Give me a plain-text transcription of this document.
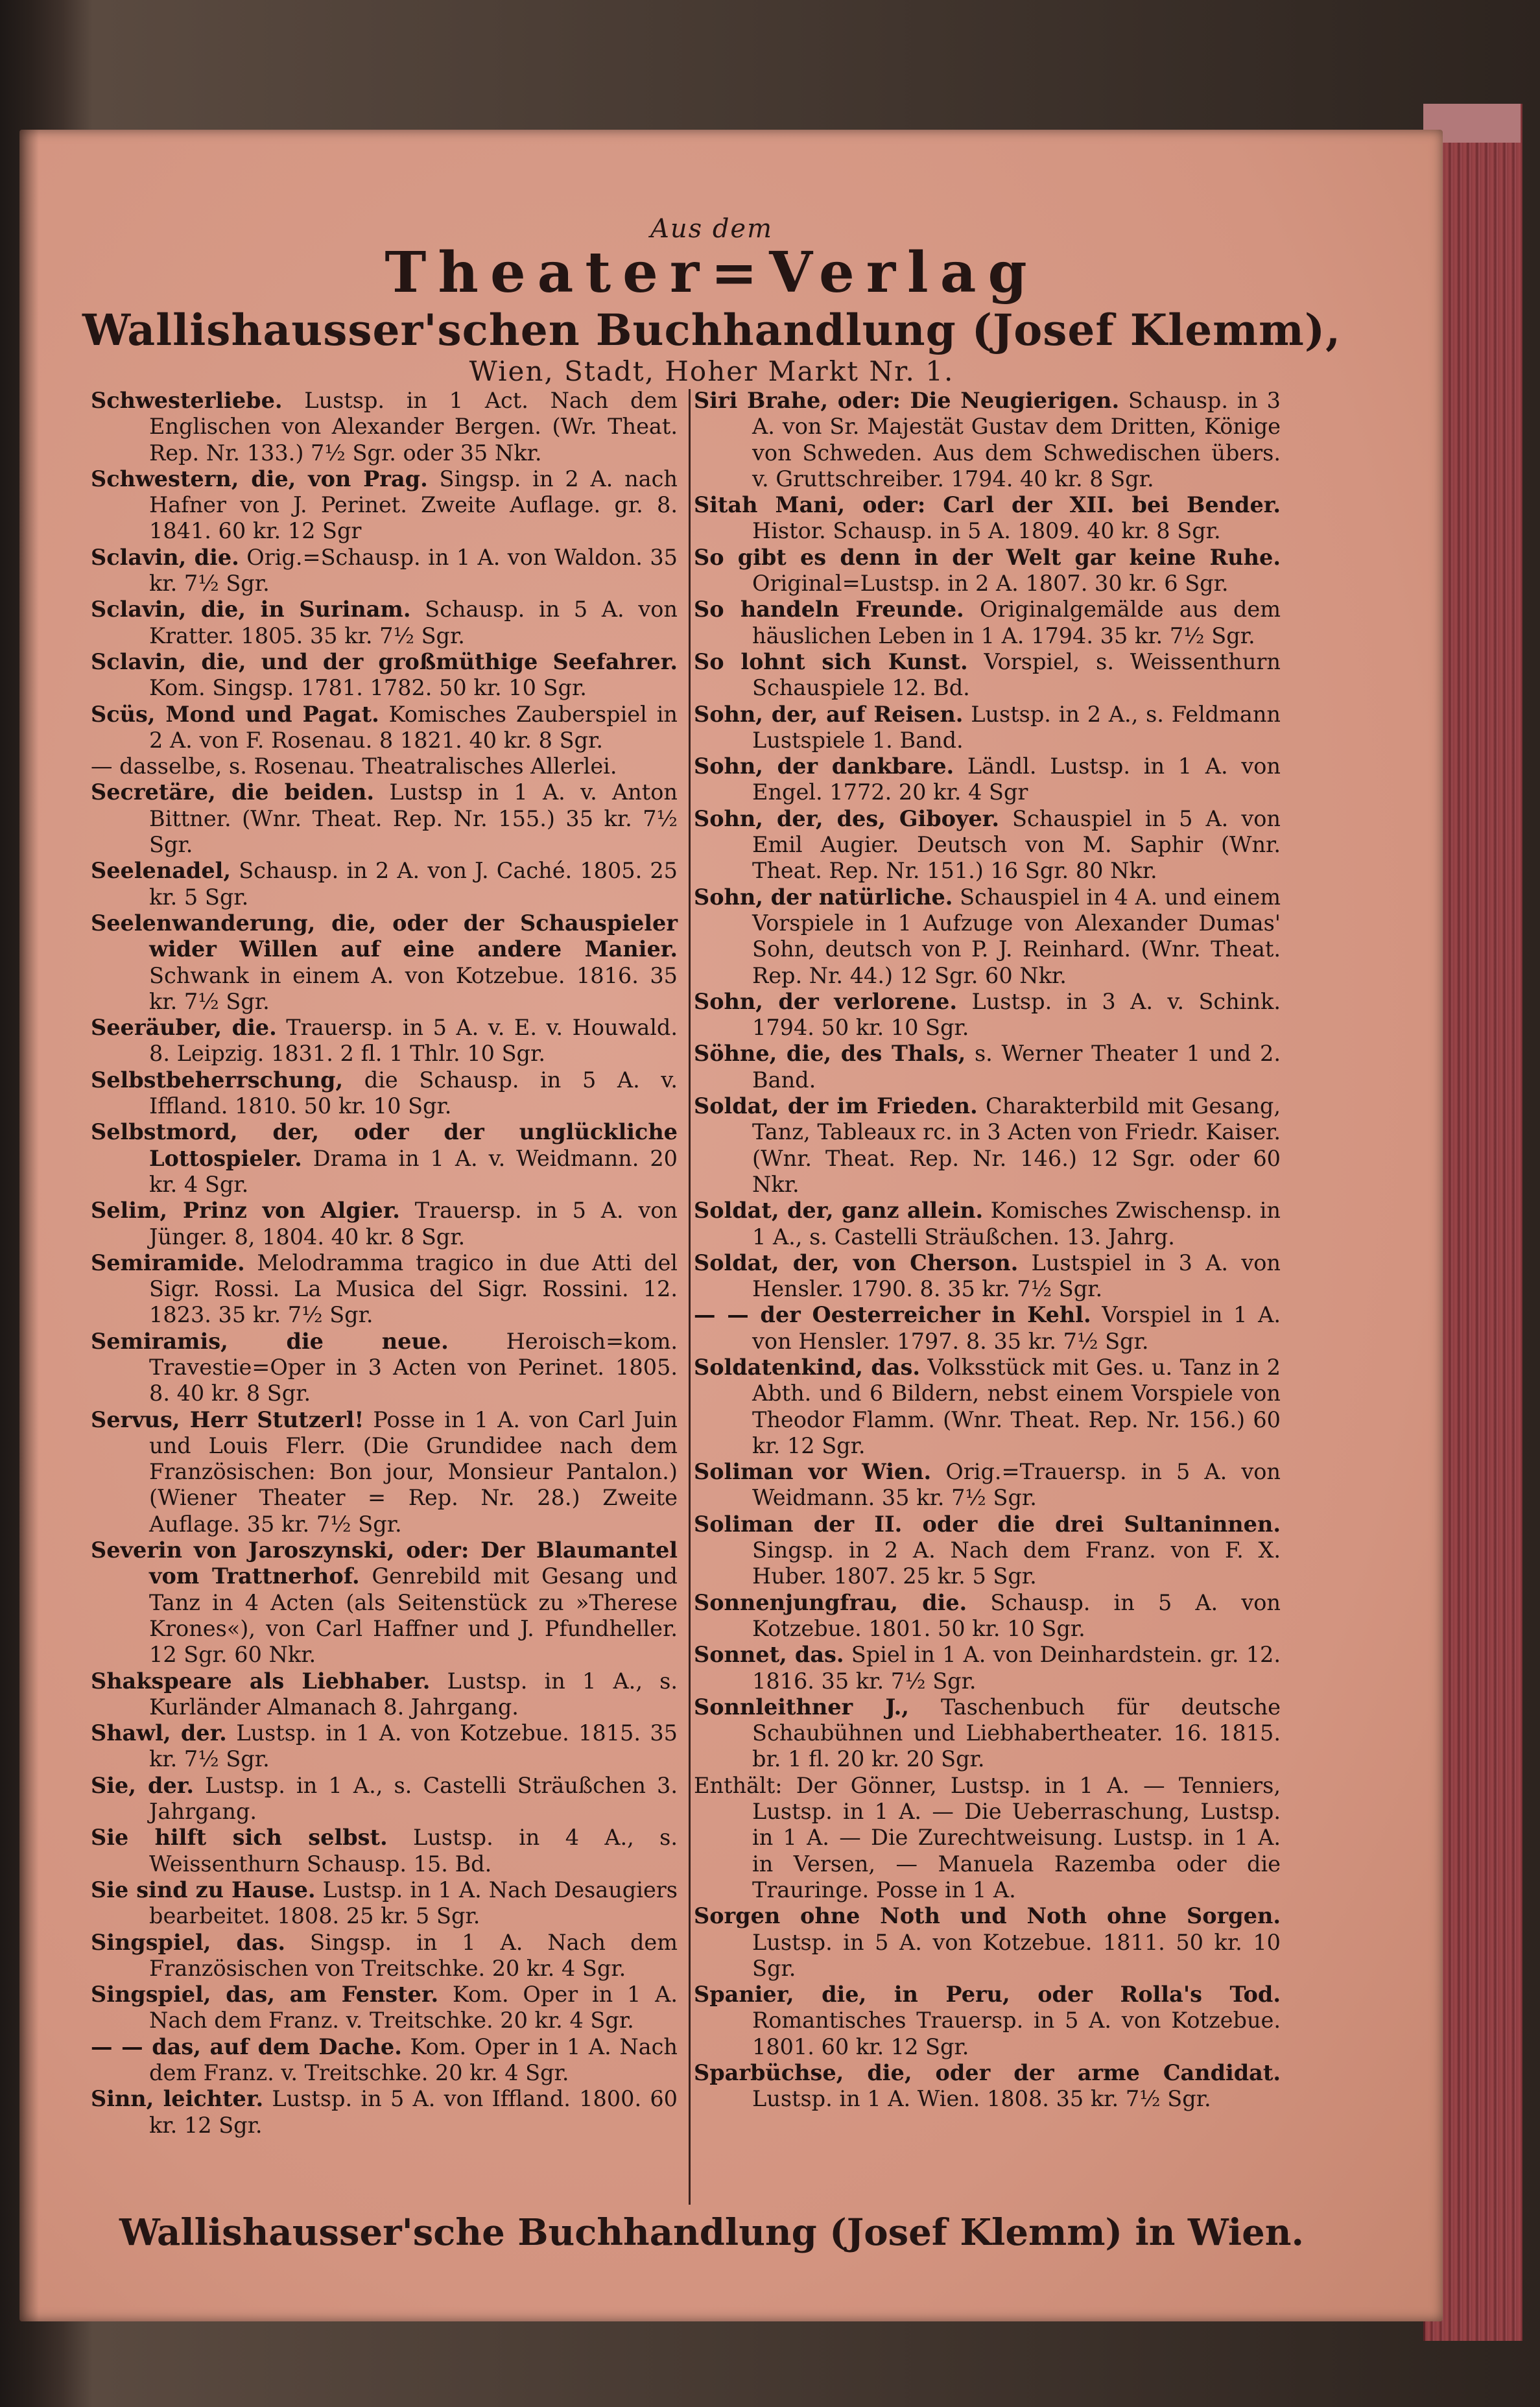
Aus dem
Theater=Verlag
Wallishausser'schen Buchhandlung (Josef Klemm),
Wien, Stadt, Hoher Markt Nr. 1.

Schwesterliebe. Lustsp. in 1 Act. Nach dem Englischen von Alexander Bergen. (Wr. Theat. Rep. Nr. 133.) 7½ Sgr. oder 35 Nkr.

Schwestern, die, von Prag. Singsp. in 2 A. nach Hafner von J. Perinet. Zweite Auflage. gr. 8. 1841. 60 kr. 12 Sgr

Sclavin, die. Orig.=Schausp. in 1 A. von Waldon. 35 kr. 7½ Sgr.

Sclavin, die, in Surinam. Schausp. in 5 A. von Kratter. 1805. 35 kr. 7½ Sgr.

Sclavin, die, und der großmüthige Seefahrer. Kom. Singsp. 1781. 1782. 50 kr. 10 Sgr.

Scüs, Mond und Pagat. Komisches Zauberspiel in 2 A. von F. Rosenau. 8 1821. 40 kr. 8 Sgr.

— dasselbe, s. Rosenau. Theatralisches Allerlei.

Secretäre, die beiden. Lustsp in 1 A. v. Anton Bittner. (Wnr. Theat. Rep. Nr. 155.) 35 kr. 7½ Sgr.

Seelenadel, Schausp. in 2 A. von J. Caché. 1805. 25 kr. 5 Sgr.

Seelenwanderung, die, oder der Schauspieler wider Willen auf eine andere Manier. Schwank in einem A. von Kotzebue. 1816. 35 kr. 7½ Sgr.

Seeräuber, die. Trauersp. in 5 A. v. E. v. Houwald. 8. Leipzig. 1831. 2 fl. 1 Thlr. 10 Sgr.

Selbstbeherrschung, die Schausp. in 5 A. v. Iffland. 1810. 50 kr. 10 Sgr.

Selbstmord, der, oder der unglückliche Lottospieler. Drama in 1 A. v. Weidmann. 20 kr. 4 Sgr.

Selim, Prinz von Algier. Trauersp. in 5 A. von Jünger. 8, 1804. 40 kr. 8 Sgr.

Semiramide. Melodramma tragico in due Atti del Sigr. Rossi. La Musica del Sigr. Rossini. 12. 1823. 35 kr. 7½ Sgr.

Semiramis, die neue. Heroisch=kom. Travestie=Oper in 3 Acten von Perinet. 1805. 8. 40 kr. 8 Sgr.

Servus, Herr Stutzerl! Posse in 1 A. von Carl Juin und Louis Flerr. (Die Grundidee nach dem Französischen: Bon jour, Monsieur Pantalon.) (Wiener Theater = Rep. Nr. 28.) Zweite Auflage. 35 kr. 7½ Sgr.

Severin von Jaroszynski, oder: Der Blaumantel vom Trattnerhof. Genrebild mit Gesang und Tanz in 4 Acten (als Seitenstück zu »Therese Krones«), von Carl Haffner und J. Pfundheller. 12 Sgr. 60 Nkr.

Shakspeare als Liebhaber. Lustsp. in 1 A., s. Kurländer Almanach 8. Jahrgang.

Shawl, der. Lustsp. in 1 A. von Kotzebue. 1815. 35 kr. 7½ Sgr.

Sie, der. Lustsp. in 1 A., s. Castelli Sträußchen 3. Jahrgang.

Sie hilft sich selbst. Lustsp. in 4 A., s. Weissenthurn Schausp. 15. Bd.

Sie sind zu Hause. Lustsp. in 1 A. Nach Desaugiers bearbeitet. 1808. 25 kr. 5 Sgr.

Singspiel, das. Singsp. in 1 A. Nach dem Französischen von Treitschke. 20 kr. 4 Sgr.

Singspiel, das, am Fenster. Kom. Oper in 1 A. Nach dem Franz. v. Treitschke. 20 kr. 4 Sgr.

— — das, auf dem Dache. Kom. Oper in 1 A. Nach dem Franz. v. Treitschke. 20 kr. 4 Sgr.

Sinn, leichter. Lustsp. in 5 A. von Iffland. 1800. 60 kr. 12 Sgr.

Siri Brahe, oder: Die Neugierigen. Schausp. in 3 A. von Sr. Majestät Gustav dem Dritten, Könige von Schweden. Aus dem Schwedischen übers. v. Gruttschreiber. 1794. 40 kr. 8 Sgr.

Sitah Mani, oder: Carl der XII. bei Bender. Histor. Schausp. in 5 A. 1809. 40 kr. 8 Sgr.

So gibt es denn in der Welt gar keine Ruhe. Original=Lustsp. in 2 A. 1807. 30 kr. 6 Sgr.

So handeln Freunde. Originalgemälde aus dem häuslichen Leben in 1 A. 1794. 35 kr. 7½ Sgr.

So lohnt sich Kunst. Vorspiel, s. Weissenthurn Schauspiele 12. Bd.

Sohn, der, auf Reisen. Lustsp. in 2 A., s. Feldmann Lustspiele 1. Band.

Sohn, der dankbare. Ländl. Lustsp. in 1 A. von Engel. 1772. 20 kr. 4 Sgr

Sohn, der, des, Giboyer. Schauspiel in 5 A. von Emil Augier. Deutsch von M. Saphir (Wnr. Theat. Rep. Nr. 151.) 16 Sgr. 80 Nkr.

Sohn, der natürliche. Schauspiel in 4 A. und einem Vorspiele in 1 Aufzuge von Alexander Dumas' Sohn, deutsch von P. J. Reinhard. (Wnr. Theat. Rep. Nr. 44.) 12 Sgr. 60 Nkr.

Sohn, der verlorene. Lustsp. in 3 A. v. Schink. 1794. 50 kr. 10 Sgr.

Söhne, die, des Thals, s. Werner Theater 1 und 2. Band.

Soldat, der im Frieden. Charakterbild mit Gesang, Tanz, Tableaux rc. in 3 Acten von Friedr. Kaiser. (Wnr. Theat. Rep. Nr. 146.) 12 Sgr. oder 60 Nkr.

Soldat, der, ganz allein. Komisches Zwischensp. in 1 A., s. Castelli Sträußchen. 13. Jahrg.

Soldat, der, von Cherson. Lustspiel in 3 A. von Hensler. 1790. 8. 35 kr. 7½ Sgr.

— — der Oesterreicher in Kehl. Vorspiel in 1 A. von Hensler. 1797. 8. 35 kr. 7½ Sgr.

Soldatenkind, das. Volksstück mit Ges. u. Tanz in 2 Abth. und 6 Bildern, nebst einem Vorspiele von Theodor Flamm. (Wnr. Theat. Rep. Nr. 156.) 60 kr. 12 Sgr.

Soliman vor Wien. Orig.=Trauersp. in 5 A. von Weidmann. 35 kr. 7½ Sgr.

Soliman der II. oder die drei Sultaninnen. Singsp. in 2 A. Nach dem Franz. von F. X. Huber. 1807. 25 kr. 5 Sgr.

Sonnenjungfrau, die. Schausp. in 5 A. von Kotzebue. 1801. 50 kr. 10 Sgr.

Sonnet, das. Spiel in 1 A. von Deinhardstein. gr. 12. 1816. 35 kr. 7½ Sgr.

Sonnleithner J., Taschenbuch für deutsche Schaubühnen und Liebhabertheater. 16. 1815. br. 1 fl. 20 kr. 20 Sgr.

Enthält: Der Gönner, Lustsp. in 1 A. — Tenniers, Lustsp. in 1 A. — Die Ueberraschung, Lustsp. in 1 A. — Die Zurechtweisung. Lustsp. in 1 A. in Versen, — Manuela Razemba oder die Trauringe. Posse in 1 A.

Sorgen ohne Noth und Noth ohne Sorgen. Lustsp. in 5 A. von Kotzebue. 1811. 50 kr. 10 Sgr.

Spanier, die, in Peru, oder Rolla's Tod. Romantisches Trauersp. in 5 A. von Kotzebue. 1801. 60 kr. 12 Sgr.

Sparbüchse, die, oder der arme Candidat. Lustsp. in 1 A. Wien. 1808. 35 kr. 7½ Sgr.

Wallishausser'sche Buchhandlung (Josef Klemm) in Wien.
